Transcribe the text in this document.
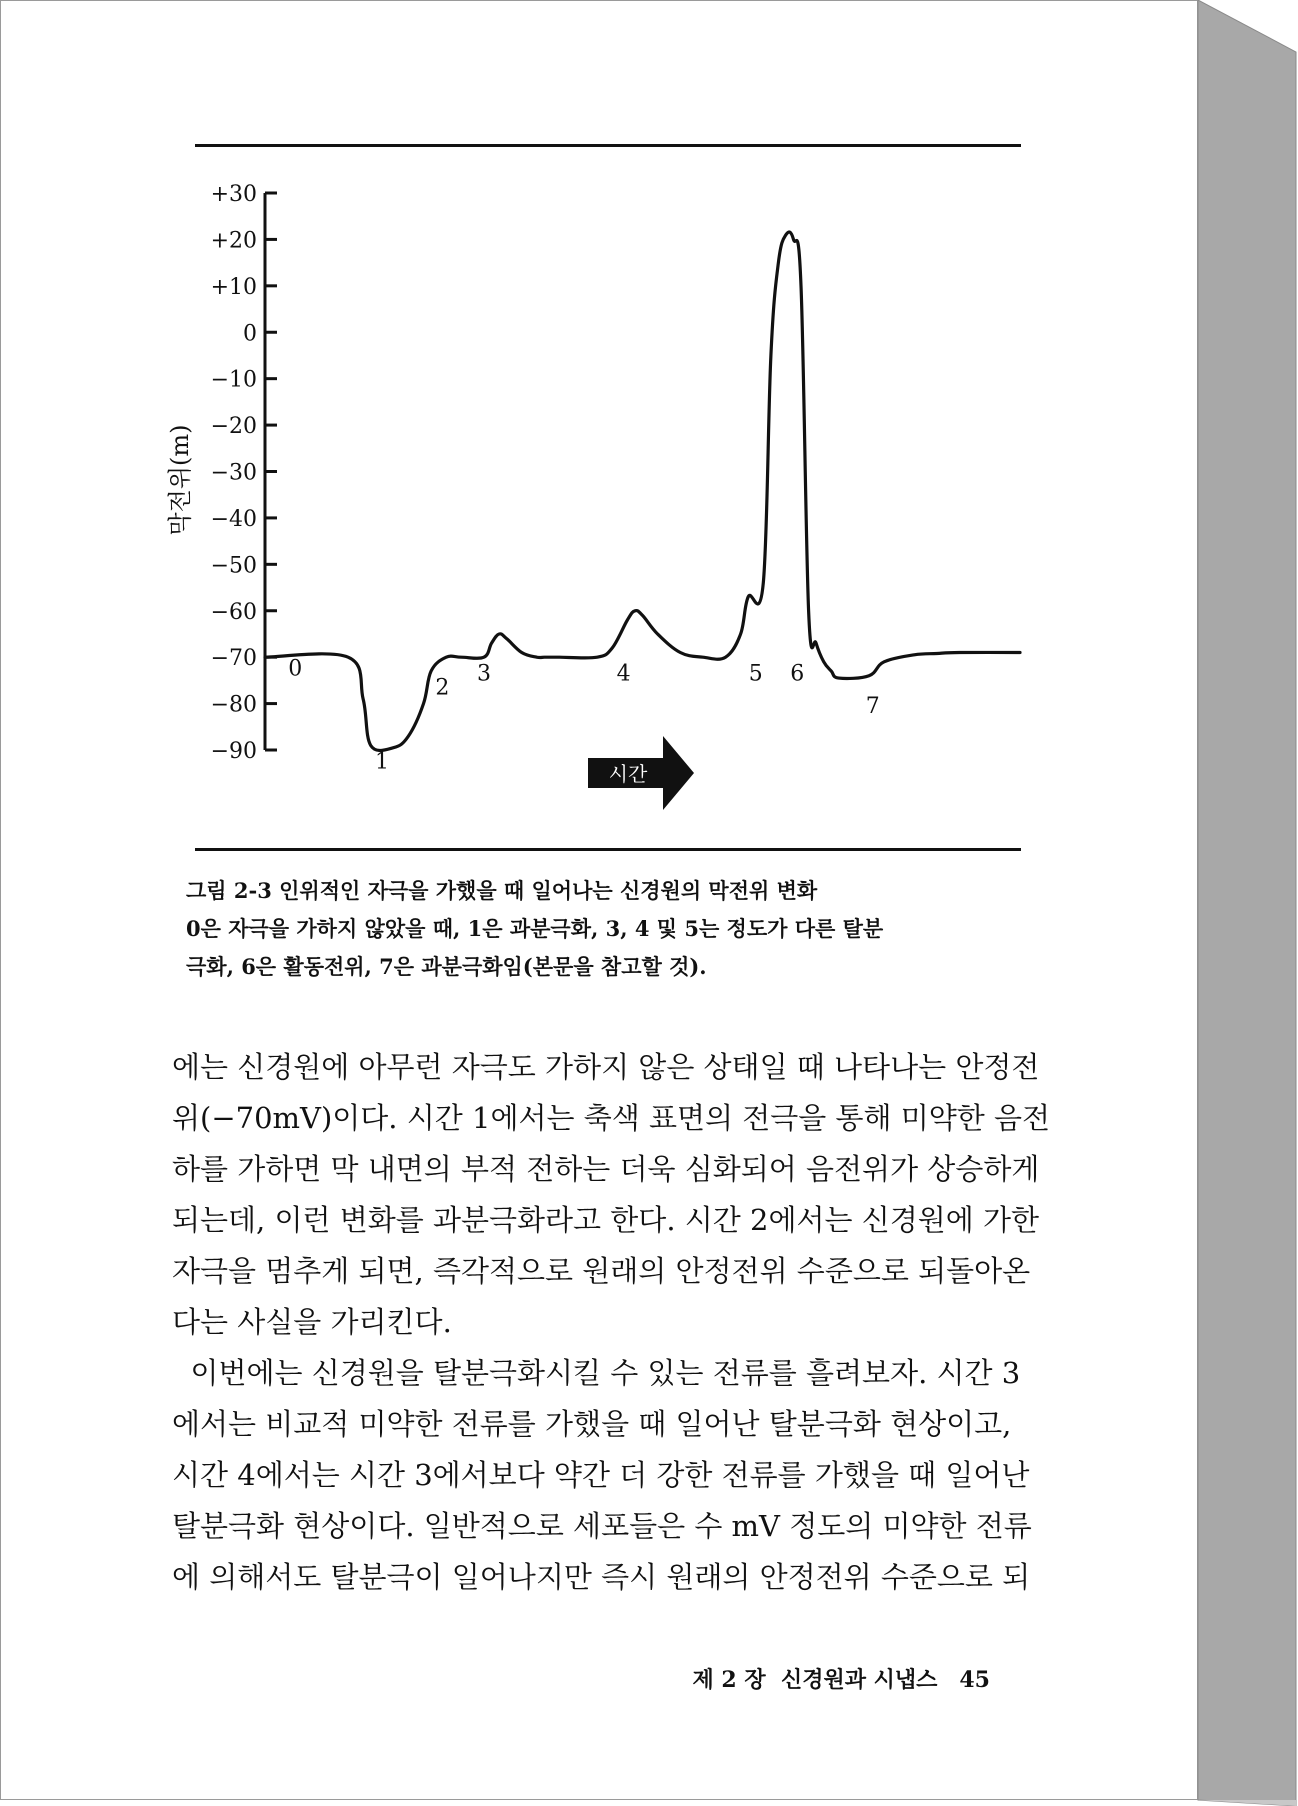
+30
+20
+10
0
−10
−20
−30
−40
−50
−60
−70
−80
−90
막전위(m)
0
1
2
3	4	5 6
7
시간
그림 2-3 인위적인 자극을 가했을 때 일어나는 신경원의 막전위 변화
0은 자극을 가하지 않았을 때, 1은 과분극화, 3, 4 및 5는 정도가 다른 탈분
극화, 6은 활동전위, 7은 과분극화임(본문을 참고할 것).
에는 신경원에 아무런 자극도 가하지 않은 상태일 때 나타나는 안정전
위(−70mV)이다. 시간 1에서는 축색 표면의 전극을 통해 미약한 음전
하를 가하면 막 내면의 부적 전하는 더욱 심화되어 음전위가 상승하게
되는데, 이런 변화를 과분극화라고 한다. 시간 2에서는 신경원에 가한
자극을 멈추게 되면, 즉각적으로 원래의 안정전위 수준으로 되돌아온
다는 사실을 가리킨다.
이번에는 신경원을 탈분극화시킬 수 있는 전류를 흘려보자. 시간 3
에서는 비교적 미약한 전류를 가했을 때 일어난 탈분극화 현상이고,
시간 4에서는 시간 3에서보다 약간 더 강한 전류를 가했을 때 일어난
탈분극화 현상이다. 일반적으로 세포들은 수 mV 정도의 미약한 전류
에 의해서도 탈분극이 일어나지만 즉시 원래의 안정전위 수준으로 되
제 2 장  신경원과 시냅스 45
